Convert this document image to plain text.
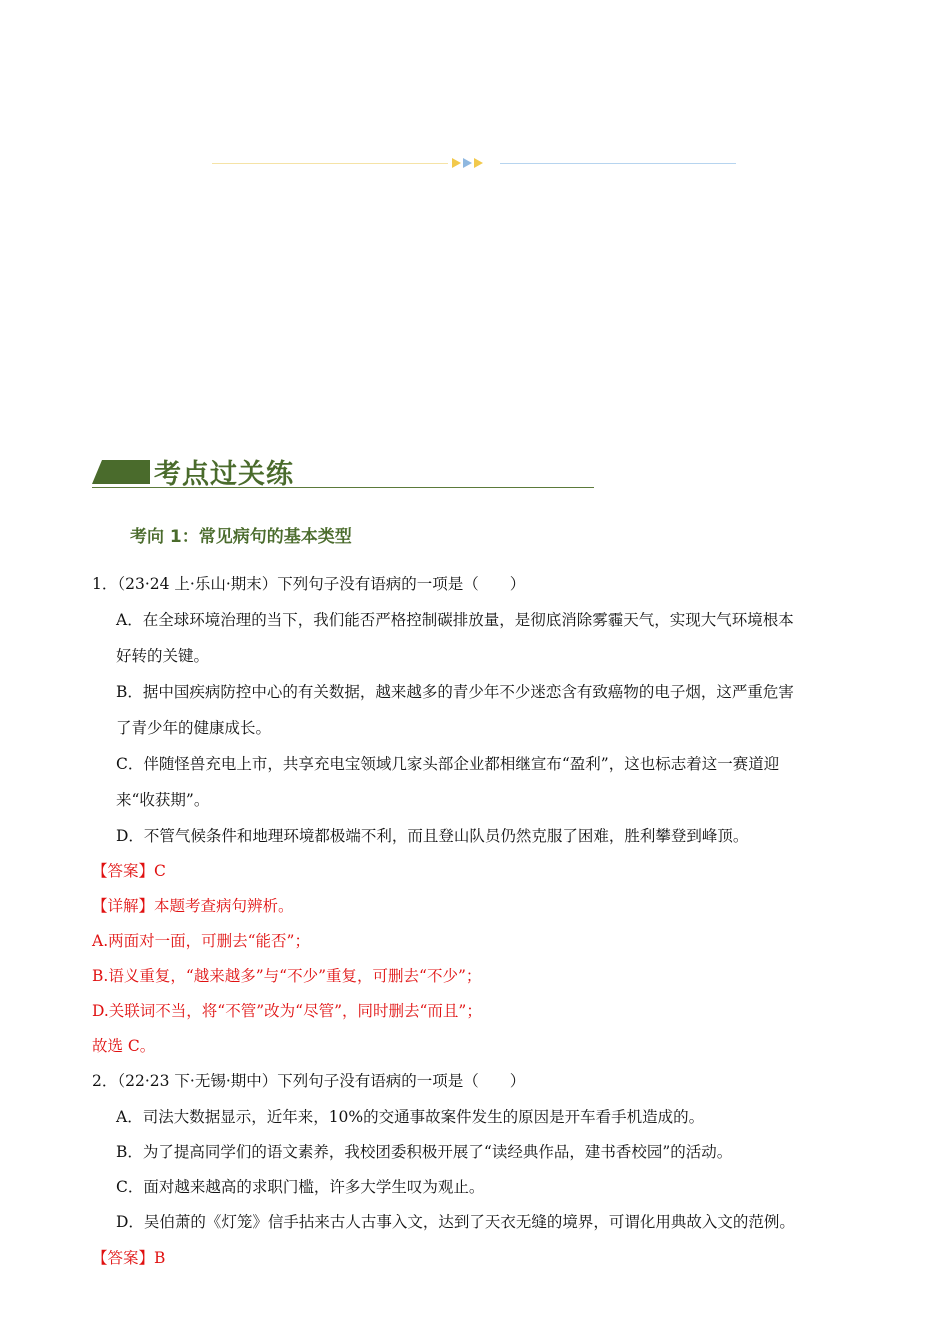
考点过关练
考向 1：常见病句的基本类型
1．（23·24 上·乐山·期末）下列句子没有语病的一项是（　　）
A．在全球环境治理的当下，我们能否严格控制碳排放量，是彻底消除雾霾天气，实现大气环境根本
好转的关键。
B．据中国疾病防控中心的有关数据，越来越多的青少年不少迷恋含有致癌物的电子烟，这严重危害
了青少年的健康成长。
C．伴随怪兽充电上市，共享充电宝领域几家头部企业都相继宣布“盈利”，这也标志着这一赛道迎
来“收获期”。
D．不管气候条件和地理环境都极端不利，而且登山队员仍然克服了困难，胜利攀登到峰顶。
【答案】C
【详解】本题考查病句辨析。
A.两面对一面，可删去“能否”；
B.语义重复，“越来越多”与“不少”重复，可删去“不少”；
D.关联词不当，将“不管”改为“尽管”，同时删去“而且”；
故选 C。
2．（22·23 下·无锡·期中）下列句子没有语病的一项是（　　）
A．司法大数据显示，近年来，10%的交通事故案件发生的原因是开车看手机造成的。
B．为了提高同学们的语文素养，我校团委积极开展了“读经典作品，建书香校园”的活动。
C．面对越来越高的求职门槛，许多大学生叹为观止。
D．吴伯萧的《灯笼》信手拈来古人古事入文，达到了天衣无缝的境界，可谓化用典故入文的范例。
【答案】B
